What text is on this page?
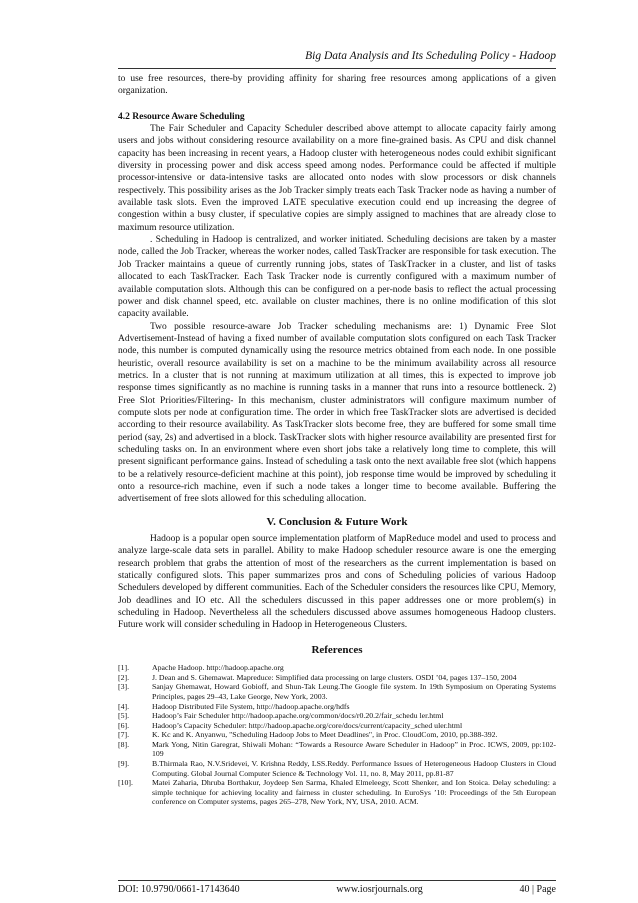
Big Data Analysis and Its Scheduling Policy - Hadoop

to use free resources, there-by providing affinity for sharing free resources among applications of a given organization.

4.2 Resource Aware Scheduling

The Fair Scheduler and Capacity Scheduler described above attempt to allocate capacity fairly among users and jobs without considering resource availability on a more fine-grained basis. As CPU and disk channel capacity has been increasing in recent years, a Hadoop cluster with heterogeneous nodes could exhibit significant diversity in processing power and disk access speed among nodes. Performance could be affected if multiple processor-intensive or data-intensive tasks are allocated onto nodes with slow processors or disk channels respectively. This possibility arises as the Job Tracker simply treats each Task Tracker node as having a number of available task slots. Even the improved LATE speculative execution could end up increasing the degree of congestion within a busy cluster, if speculative copies are simply assigned to machines that are already close to maximum resource utilization.

. Scheduling in Hadoop is centralized, and worker initiated. Scheduling decisions are taken by a master node, called the Job Tracker, whereas the worker nodes, called TaskTracker are responsible for task execution. The Job Tracker maintains a queue of currently running jobs, states of TaskTracker in a cluster, and list of tasks allocated to each TaskTracker. Each Task Tracker node is currently configured with a maximum number of available computation slots. Although this can be configured on a per-node basis to reflect the actual processing power and disk channel speed, etc. available on cluster machines, there is no online modification of this slot capacity available.

Two possible resource-aware Job Tracker scheduling mechanisms are: 1) Dynamic Free Slot Advertisement-Instead of having a fixed number of available computation slots configured on each Task Tracker node, this number is computed dynamically using the resource metrics obtained from each node. In one possible heuristic, overall resource availability is set on a machine to be the minimum availability across all resource metrics. In a cluster that is not running at maximum utilization at all times, this is expected to improve job response times significantly as no machine is running tasks in a manner that runs into a resource bottleneck. 2) Free Slot Priorities/Filtering- In this mechanism, cluster administrators will configure maximum number of compute slots per node at configuration time. The order in which free TaskTracker slots are advertised is decided according to their resource availability. As TaskTracker slots become free, they are buffered for some small time period (say, 2s) and advertised in a block. TaskTracker slots with higher resource availability are presented first for scheduling tasks on. In an environment where even short jobs take a relatively long time to complete, this will present significant performance gains. Instead of scheduling a task onto the next available free slot (which happens to be a relatively resource-deficient machine at this point), job response time would be improved by scheduling it onto a resource-rich machine, even if such a node takes a longer time to become available. Buffering the advertisement of free slots allowed for this scheduling allocation.

V. Conclusion & Future Work

Hadoop is a popular open source implementation platform of MapReduce model and used to process and analyze large-scale data sets in parallel. Ability to make Hadoop scheduler resource aware is one the emerging research problem that grabs the attention of most of the researchers as the current implementation is based on statically configured slots. This paper summarizes pros and cons of Scheduling policies of various Hadoop Schedulers developed by different communities. Each of the Scheduler considers the resources like CPU, Memory, Job deadlines and IO etc. All the schedulers discussed in this paper addresses one or more problem(s) in scheduling in Hadoop. Nevertheless all the schedulers discussed above assumes homogeneous Hadoop clusters. Future work will consider scheduling in Hadoop in Heterogeneous Clusters.

References
[1].	Apache Hadoop. http://hadoop.apache.org
[2].	J. Dean and S. Ghemawat. Mapreduce: Simplified data processing on large clusters. OSDI ’04, pages 137–150, 2004
[3].	Sanjay Ghemawat, Howard Gobioff, and Shun-Tak Leung.The Google file system. In 19th Symposium on Operating Systems Principles, pages 29–43, Lake George, New York, 2003.
[4].	Hadoop Distributed File System, http://hadoop.apache.org/hdfs
[5].	Hadoop’s Fair Scheduler http://hadoop.apache.org/common/docs/r0.20.2/fair_schedu ler.html
[6].	Hadoop’s Capacity Scheduler: http://hadoop.apache.org/core/docs/current/capacity_sched uler.html
[7].	K. Kc and K. Anyanwu, "Scheduling Hadoop Jobs to Meet Deadlines", in Proc. CloudCom, 2010, pp.388-392.
[8].	Mark Yong, Nitin Garegrat, Shiwali Mohan: “Towards a Resource Aware Scheduler in Hadoop” in Proc. ICWS, 2009, pp:102-109
[9].	B.Thirmala Rao, N.V.Sridevei, V. Krishna Reddy, LSS.Reddy. Performance Issues of Heterogeneous Hadoop Clusters in Cloud Computing. Global Journal Computer Science & Technology Vol. 11, no. 8, May 2011, pp.81-87
[10].	Matei Zaharia, Dhruba Borthakur, Joydeep Sen Sarma, Khaled Elmeleegy, Scott Shenker, and Ion Stoica. Delay scheduling: a simple technique for achieving locality and fairness in cluster scheduling. In EuroSys ’10: Proceedings of the 5th European conference on Computer systems, pages 265–278, New York, NY, USA, 2010. ACM.
DOI: 10.9790/0661-17143640	www.iosrjournals.org	40 | Page
